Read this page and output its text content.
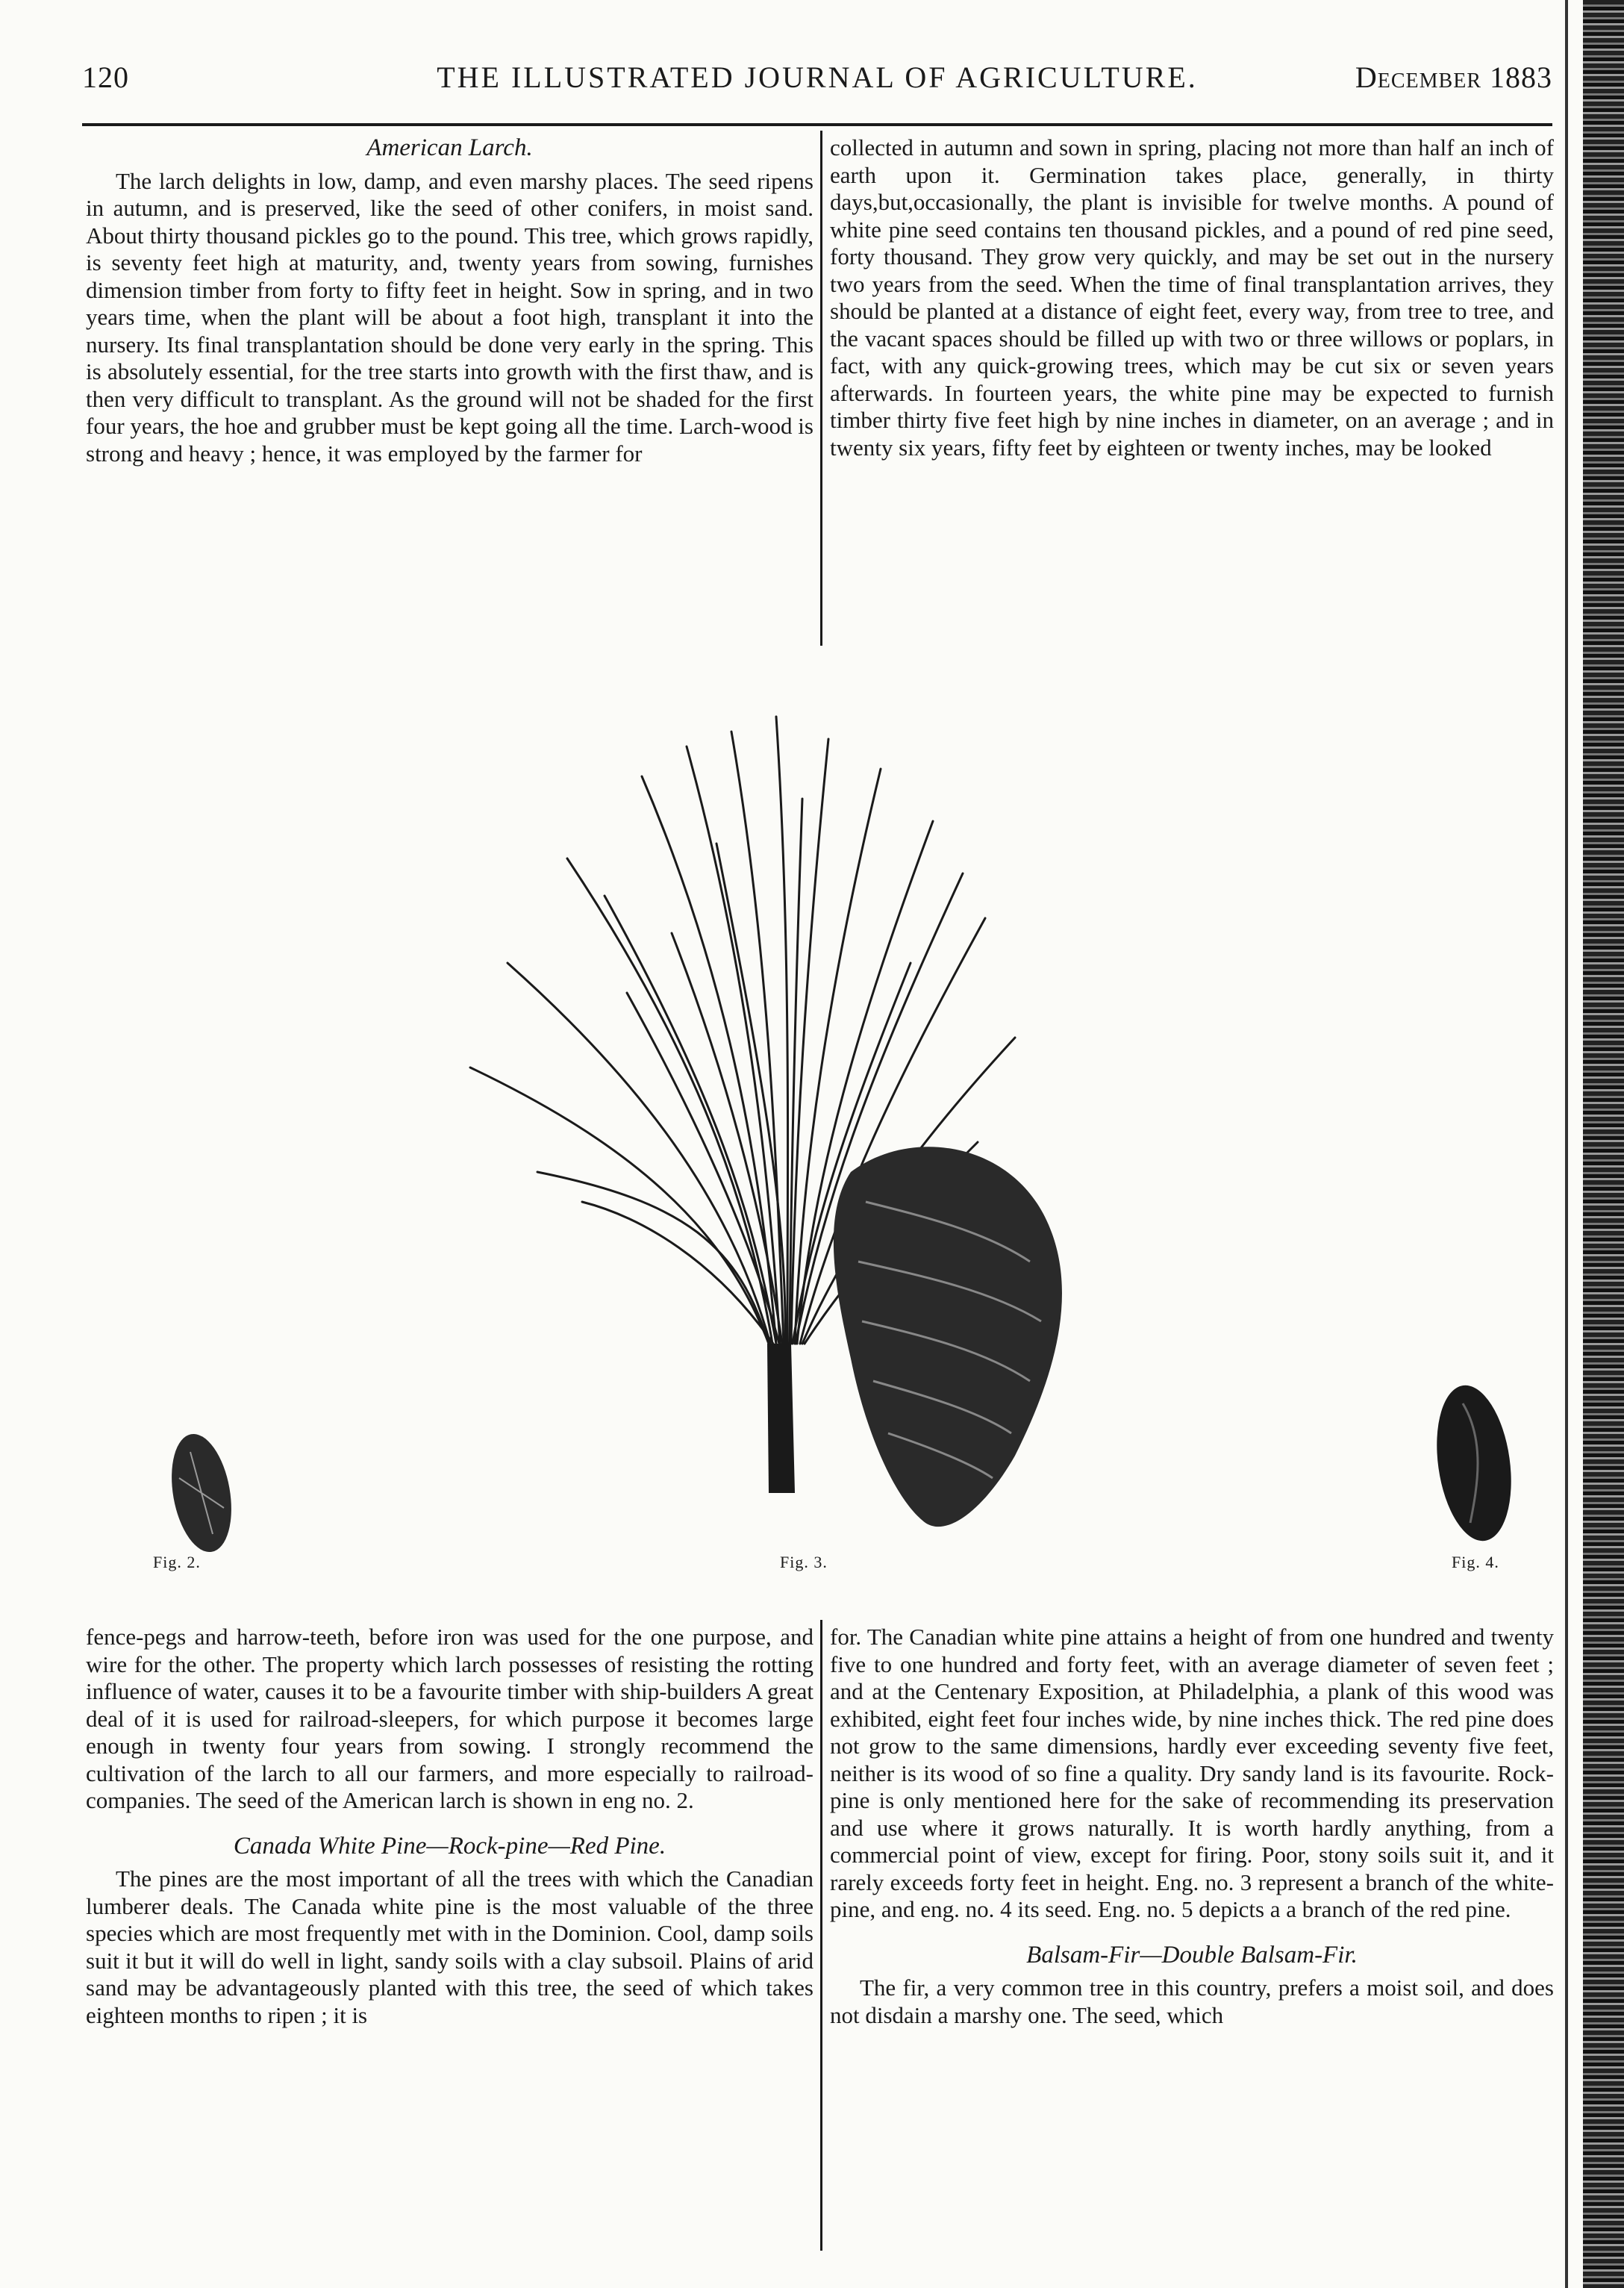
120	THE ILLUSTRATED JOURNAL OF AGRICULTURE.	December 1883
American Larch.

The larch delights in low, damp, and even marshy places. The seed ripens in autumn, and is preserved, like the seed of other conifers, in moist sand. About thirty thousand pickles go to the pound. This tree, which grows rapidly, is seventy feet high at maturity, and, twenty years from sowing, furnishes dimension timber from forty to fifty feet in height. Sow in spring, and in two years time, when the plant will be about a foot high, transplant it into the nursery. Its final transplantation should be done very early in the spring. This is absolutely essential, for the tree starts into growth with the first thaw, and is then very difficult to transplant. As the ground will not be shaded for the first four years, the hoe and grubber must be kept going all the time. Larch-wood is strong and heavy ; hence, it was employed by the farmer for

collected in autumn and sown in spring, placing not more than half an inch of earth upon it. Germination takes place, generally, in thirty days,but,occasionally, the plant is invisible for twelve months. A pound of white pine seed contains ten thousand pickles, and a pound of red pine seed, forty thousand. They grow very quickly, and may be set out in the nursery two years from the seed. When the time of final transplantation arrives, they should be planted at a distance of eight feet, every way, from tree to tree, and the vacant spaces should be filled up with two or three willows or poplars, in fact, with any quick-growing trees, which may be cut six or seven years afterwards. In fourteen years, the white pine may be expected to furnish timber thirty five feet high by nine inches in diameter, on an average ; and in twenty six years, fifty feet by eighteen or twenty inches, may be looked

Fig. 2.	Fig. 3.	Fig. 4.

fence-pegs and harrow-teeth, before iron was used for the one purpose, and wire for the other. The property which larch possesses of resisting the rotting influence of water, causes it to be a favourite timber with ship-builders A great deal of it is used for railroad-sleepers, for which purpose it becomes large enough in twenty four years from sowing. I strongly recommend the cultivation of the larch to all our farmers, and more especially to railroad-companies. The seed of the American larch is shown in eng no. 2.

Canada White Pine—Rock-pine—Red Pine.

The pines are the most important of all the trees with which the Canadian lumberer deals. The Canada white pine is the most valuable of the three species which are most frequently met with in the Dominion. Cool, damp soils suit it but it will do well in light, sandy soils with a clay subsoil. Plains of arid sand may be advantageously planted with this tree, the seed of which takes eighteen months to ripen ; it is

for. The Canadian white pine attains a height of from one hundred and twenty five to one hundred and forty feet, with an average diameter of seven feet ; and at the Centenary Exposition, at Philadelphia, a plank of this wood was exhibited, eight feet four inches wide, by nine inches thick. The red pine does not grow to the same dimensions, hardly ever exceeding seventy five feet, neither is its wood of so fine a quality. Dry sandy land is its favourite. Rock-pine is only mentioned here for the sake of recommending its preservation and use where it grows naturally. It is worth hardly anything, from a commercial point of view, except for firing. Poor, stony soils suit it, and it rarely exceeds forty feet in height. Eng. no. 3 represent a branch of the white-pine, and eng. no. 4 its seed. Eng. no. 5 depicts a a branch of the red pine.

Balsam-Fir—Double Balsam-Fir.

The fir, a very common tree in this country, prefers a moist soil, and does not disdain a marshy one. The seed, which
